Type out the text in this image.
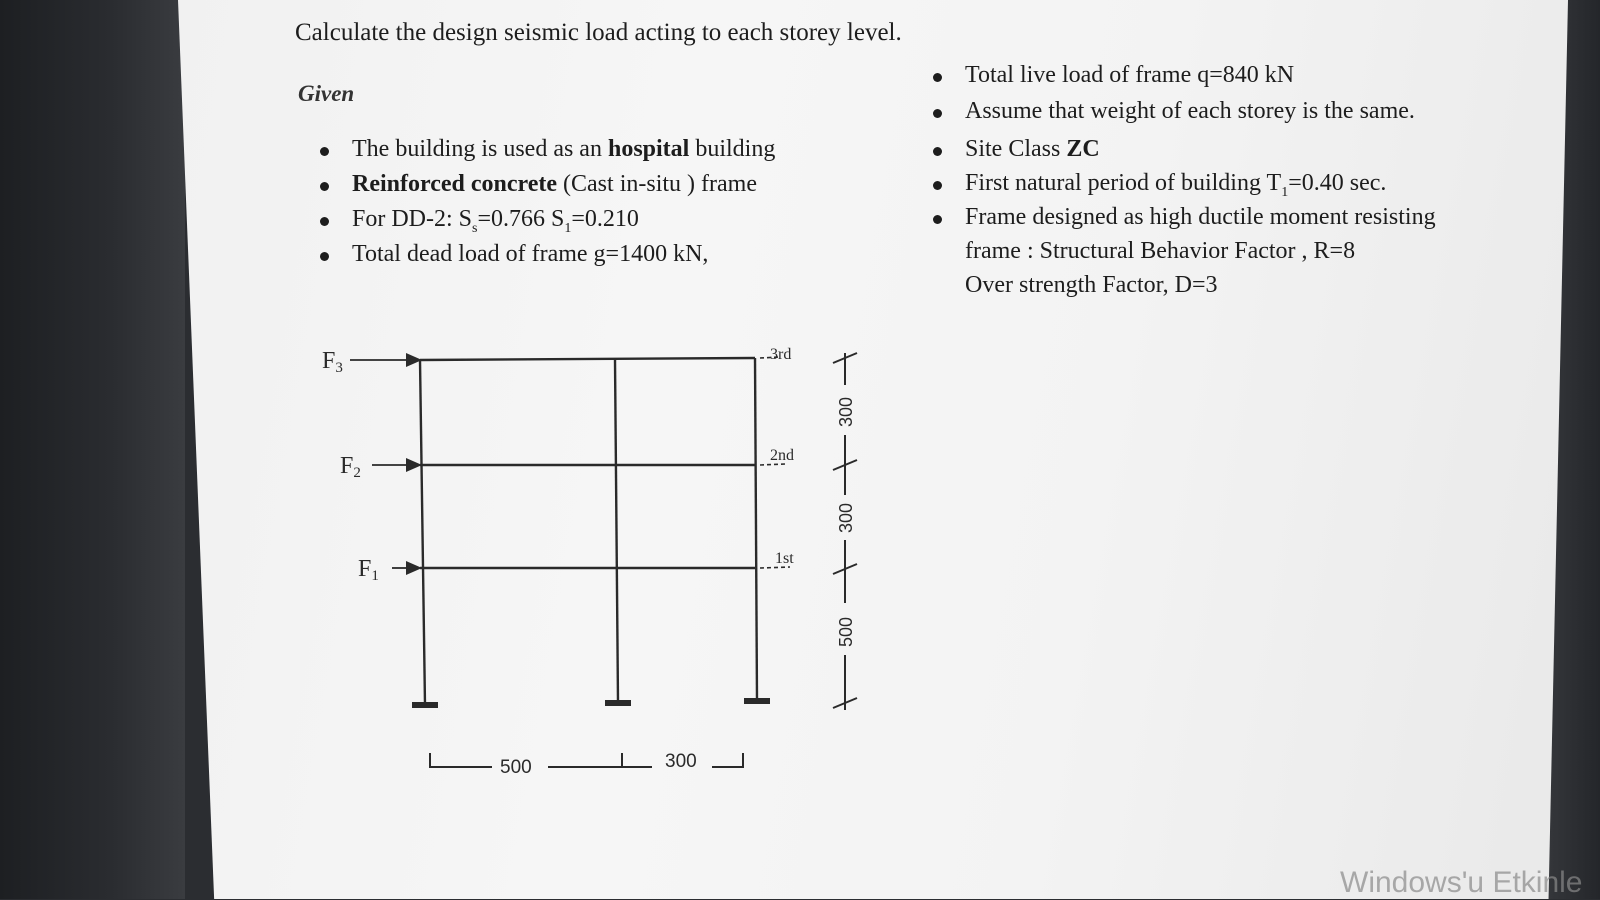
Calculate the design seismic load acting to each storey level.
Given
The building is used as an hospital building
Reinforced concrete (Cast in-situ ) frame
For DD-2: $S_s=0.766$ $S_1=0.210$
Total dead load of frame g=1400 kN,
Total live load of frame q=840 kN
Assume that weight of each storey is the same.
Site Class ZC
First natural period of building $T_1=0.40$ sec.
Frame designed as high ductile moment resisting
frame : Structural Behavior Factor , R=8
Over strength Factor, D=3
F3
F2
F1
3rd
2nd
1st
300
300
500
500	300
Windows'u Etkinle
